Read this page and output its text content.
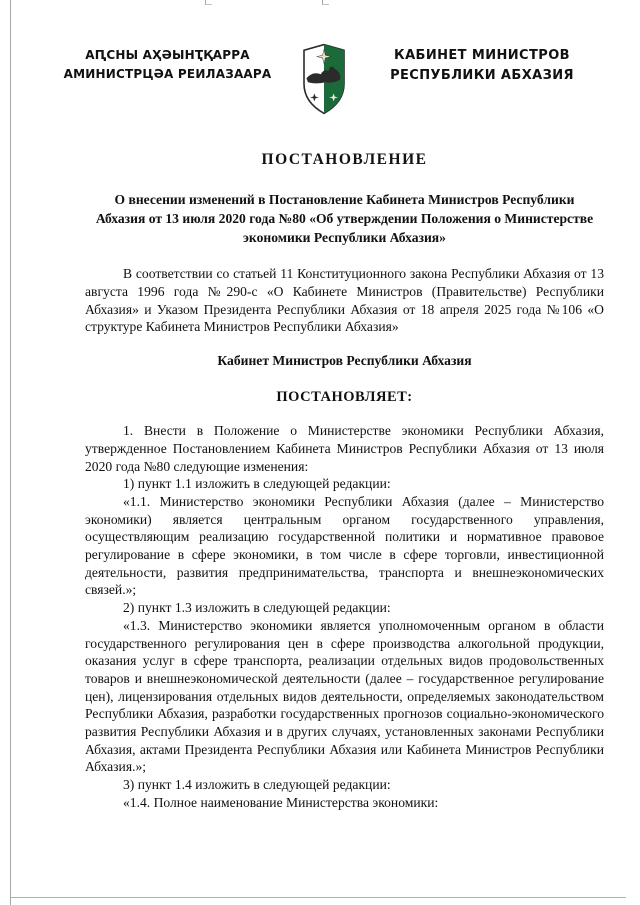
АԤСНЫ АҲӘЫНҬҚАРРА
АМИНИСТРЦӘА РЕИЛАЗААРА
КАБИНЕТ МИНИСТРОВ
РЕСПУБЛИКИ АБХАЗИЯ
ПОСТАНОВЛЕНИЕ
О внесении изменений в Постановление Кабинета Министров Республики Абхазия от 13 июля 2020 года №80 «Об утверждении Положения о Министерстве экономики Республики Абхазия»
В соответствии со статьей 11 Конституционного закона Республики Абхазия от 13 августа 1996 года №290-с «О Кабинете Министров (Правительстве) Республики Абхазия» и Указом Президента Республики Абхазия от 18 апреля 2025 года №106 «О структуре Кабинета Министров Республики Абхазия»
Кабинет Министров Республики Абхазия
ПОСТАНОВЛЯЕТ:

1. Внести в Положение о Министерстве экономики Республики Абхазия, утвержденное Постановлением Кабинета Министров Республики Абхазия от 13 июля 2020 года №80 следующие изменения:

1) пункт 1.1 изложить в следующей редакции:

«1.1. Министерство экономики Республики Абхазия (далее – Министерство экономики) является центральным органом государственного управления, осуществляющим реализацию государственной политики и нормативное правовое регулирование в сфере экономики, в том числе в сфере торговли, инвестиционной деятельности, развития предпринимательства, транспорта и внешнеэкономических связей.»;

2) пункт 1.3 изложить в следующей редакции:

«1.3. Министерство экономики является уполномоченным органом в области государственного регулирования цен в сфере производства алкогольной продукции, оказания услуг в сфере транспорта, реализации отдельных видов продовольственных товаров и внешнеэкономической деятельности (далее – государственное регулирование цен), лицензирования отдельных видов деятельности, определяемых законодательством Республики Абхазия, разработки государственных прогнозов социально-экономического развития Республики Абхазия и в других случаях, установленных законами Республики Абхазия, актами Президента Республики Абхазия или Кабинета Министров Республики Абхазия.»;

3) пункт 1.4 изложить в следующей редакции:

«1.4. Полное наименование Министерства экономики:
